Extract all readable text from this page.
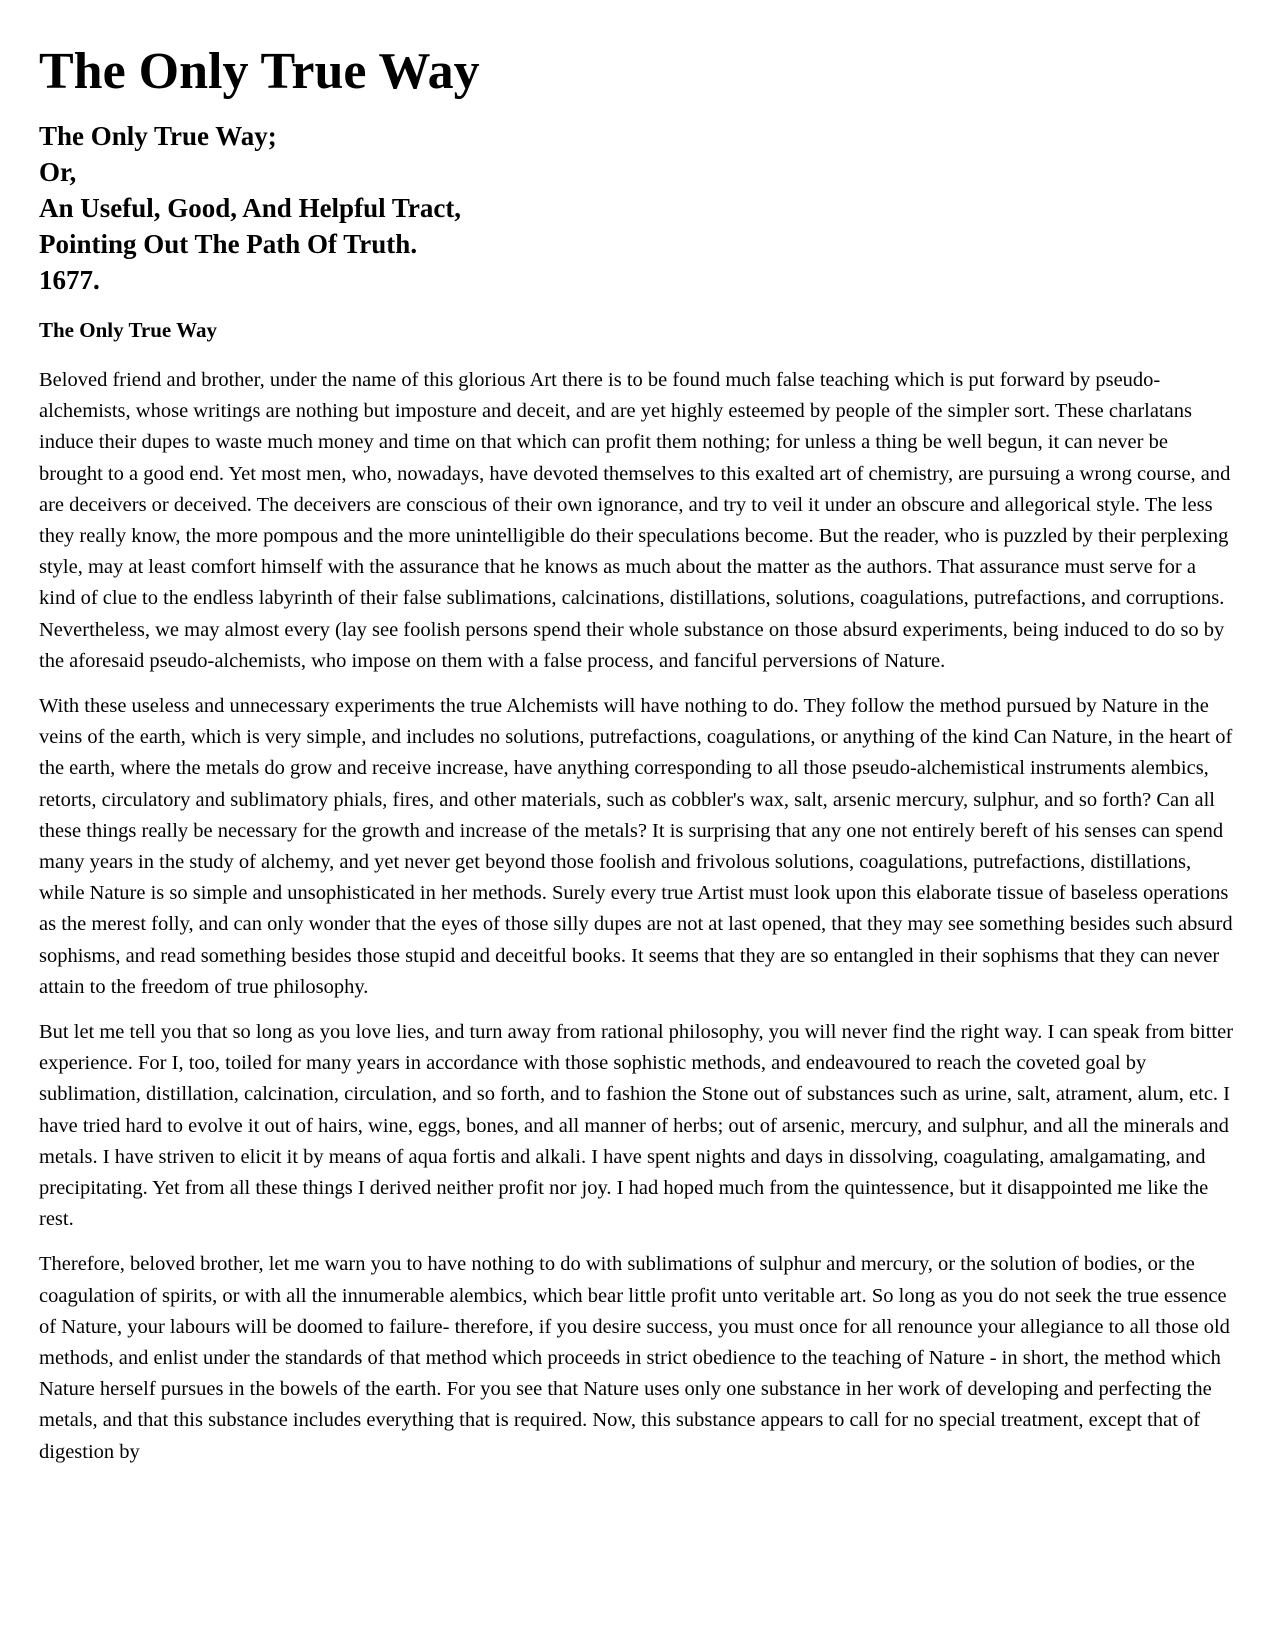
The Only True Way
The Only True Way;
Or,
An Useful, Good, And Helpful Tract,
Pointing Out The Path Of Truth.
1677.
The Only True Way

Beloved friend and brother, under the name of this glorious Art there is to be found much false teaching which is put forward by pseudo-alchemists, whose writings are nothing but imposture and deceit, and are yet highly esteemed by people of the simpler sort. These charlatans induce their dupes to waste much money and time on that which can profit them nothing; for unless a thing be well begun, it can never be brought to a good end. Yet most men, who, nowadays, have devoted themselves to this exalted art of chemistry, are pursuing a wrong course, and are deceivers or deceived. The deceivers are conscious of their own ignorance, and try to veil it under an obscure and allegorical style. The less they really know, the more pompous and the more unintelligible do their speculations become. But the reader, who is puzzled by their perplexing style, may at least comfort himself with the assurance that he knows as much about the matter as the authors. That assurance must serve for a kind of clue to the endless labyrinth of their false sublimations, calcinations, distillations, solutions, coagulations, putrefactions, and corruptions. Nevertheless, we may almost every (lay see foolish persons spend their whole substance on those absurd experiments, being induced to do so by the aforesaid pseudo-alchemists, who impose on them with a false process, and fanciful perversions of Nature.

With these useless and unnecessary experiments the true Alchemists will have nothing to do. They follow the method pursued by Nature in the veins of the earth, which is very simple, and includes no solutions, putrefactions, coagulations, or anything of the kind Can Nature, in the heart of the earth, where the metals do grow and receive increase, have anything corresponding to all those pseudo-alchemistical instruments alembics, retorts, circulatory and sublimatory phials, fires, and other materials, such as cobbler's wax, salt, arsenic mercury, sulphur, and so forth? Can all these things really be necessary for the growth and increase of the metals? It is surprising that any one not entirely bereft of his senses can spend many years in the study of alchemy, and yet never get beyond those foolish and frivolous solutions, coagulations, putrefactions, distillations, while Nature is so simple and unsophisticated in her methods. Surely every true Artist must look upon this elaborate tissue of baseless operations as the merest folly, and can only wonder that the eyes of those silly dupes are not at last opened, that they may see something besides such absurd sophisms, and read something besides those stupid and deceitful books. It seems that they are so entangled in their sophisms that they can never attain to the freedom of true philosophy.

But let me tell you that so long as you love lies, and turn away from rational philosophy, you will never find the right way. I can speak from bitter experience. For I, too, toiled for many years in accordance with those sophistic methods, and endeavoured to reach the coveted goal by sublimation, distillation, calcination, circulation, and so forth, and to fashion the Stone out of substances such as urine, salt, atrament, alum, etc. I have tried hard to evolve it out of hairs, wine, eggs, bones, and all manner of herbs; out of arsenic, mercury, and sulphur, and all the minerals and metals. I have striven to elicit it by means of aqua fortis and alkali. I have spent nights and days in dissolving, coagulating, amalgamating, and precipitating. Yet from all these things I derived neither profit nor joy. I had hoped much from the quintessence, but it disappointed me like the rest.

Therefore, beloved brother, let me warn you to have nothing to do with sublimations of sulphur and mercury, or the solution of bodies, or the coagulation of spirits, or with all the innumerable alembics, which bear little profit unto veritable art. So long as you do not seek the true essence of Nature, your labours will be doomed to failure- therefore, if you desire success, you must once for all renounce your allegiance to all those old methods, and enlist under the standards of that method which proceeds in strict obedience to the teaching of Nature - in short, the method which Nature herself pursues in the bowels of the earth. For you see that Nature uses only one substance in her work of developing and perfecting the metals, and that this substance includes everything that is required. Now, this substance appears to call for no special treatment, except that of digestion by
